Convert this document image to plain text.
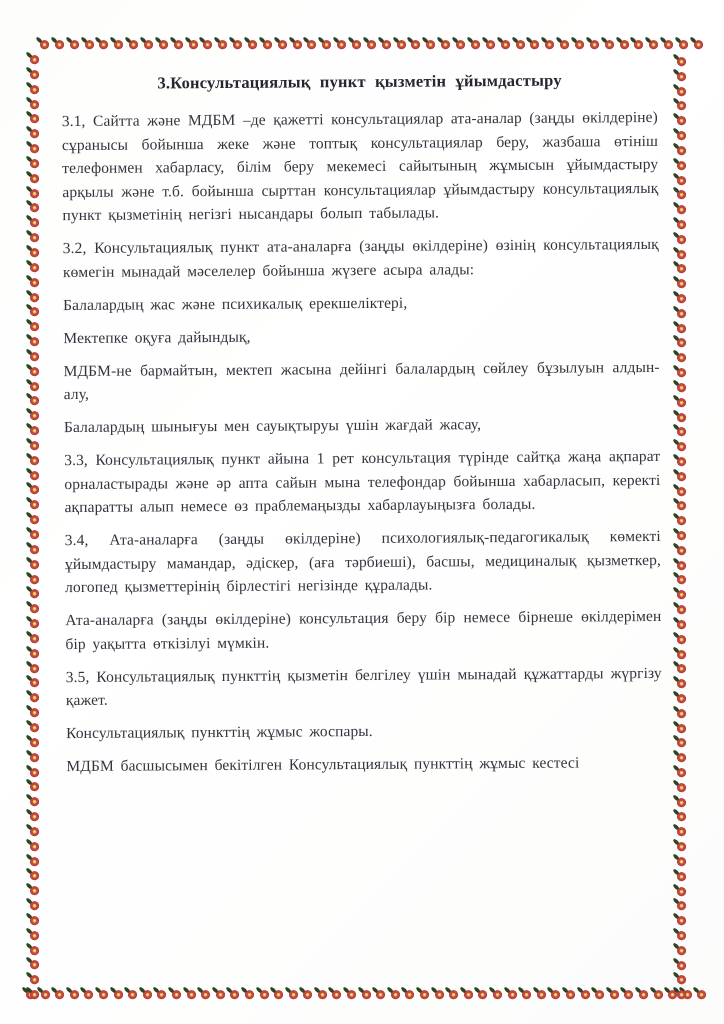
3.Консультациялық пункт қызметін ұйымдастыру

3.1, Сайтта және МДБМ –де қажетті консультациялар ата-аналар (заңды өкілдеріне) сұранысы бойынша жеке және топтық консультациялар беру, жазбаша өтініш телефонмен хабарласу, білім беру мекемесі сайытының жұмысын ұйымдастыру арқылы және т.б. бойынша сырттан консультациялар ұйымдастыру консультациялық пункт қызметінің негізгі нысандары болып табылады.

3.2, Консультациялық пункт ата-аналарға (заңды өкілдеріне) өзінің консультациялық көмегін мынадай мәселелер бойынша жүзеге асыра алады:

Балалардың жас және психикалық ерекшеліктері,

Мектепке оқуға дайындық,

МДБМ-не бармайтын, мектеп жасына дейінгі балалардың сөйлеу бұзылуын алдын-алу,

Балалардың шынығуы мен сауықтыруы үшін жағдай жасау,

3.3, Консультациялық пункт айына 1 рет консультация түрінде сайтқа жаңа ақпарат орналастырады және әр апта сайын мына телефондар бойынша хабарласып, керекті ақпаратты алып немесе өз праблемаңызды хабарлауыңызға болады.

3.4, Ата-аналарға (заңды өкілдеріне) психологиялық-педагогикалық көмекті ұйымдастыру мамандар, әдіскер, (аға тәрбиеші), басшы, медициналық қызметкер, логопед қызметтерінің бірлестігі негізінде құралады.

Ата-аналарға (заңды өкілдеріне) консультация беру бір немесе бірнеше өкілдерімен бір уақытта өткізілуі мүмкін.

3.5, Консультациялық пункттің қызметін белгілеу үшін мынадай құжаттарды жүргізу қажет.

Консультациялық пункттің жұмыс жоспары.

МДБМ басшысымен бекітілген Консультациялық пункттің жұмыс кестесі
